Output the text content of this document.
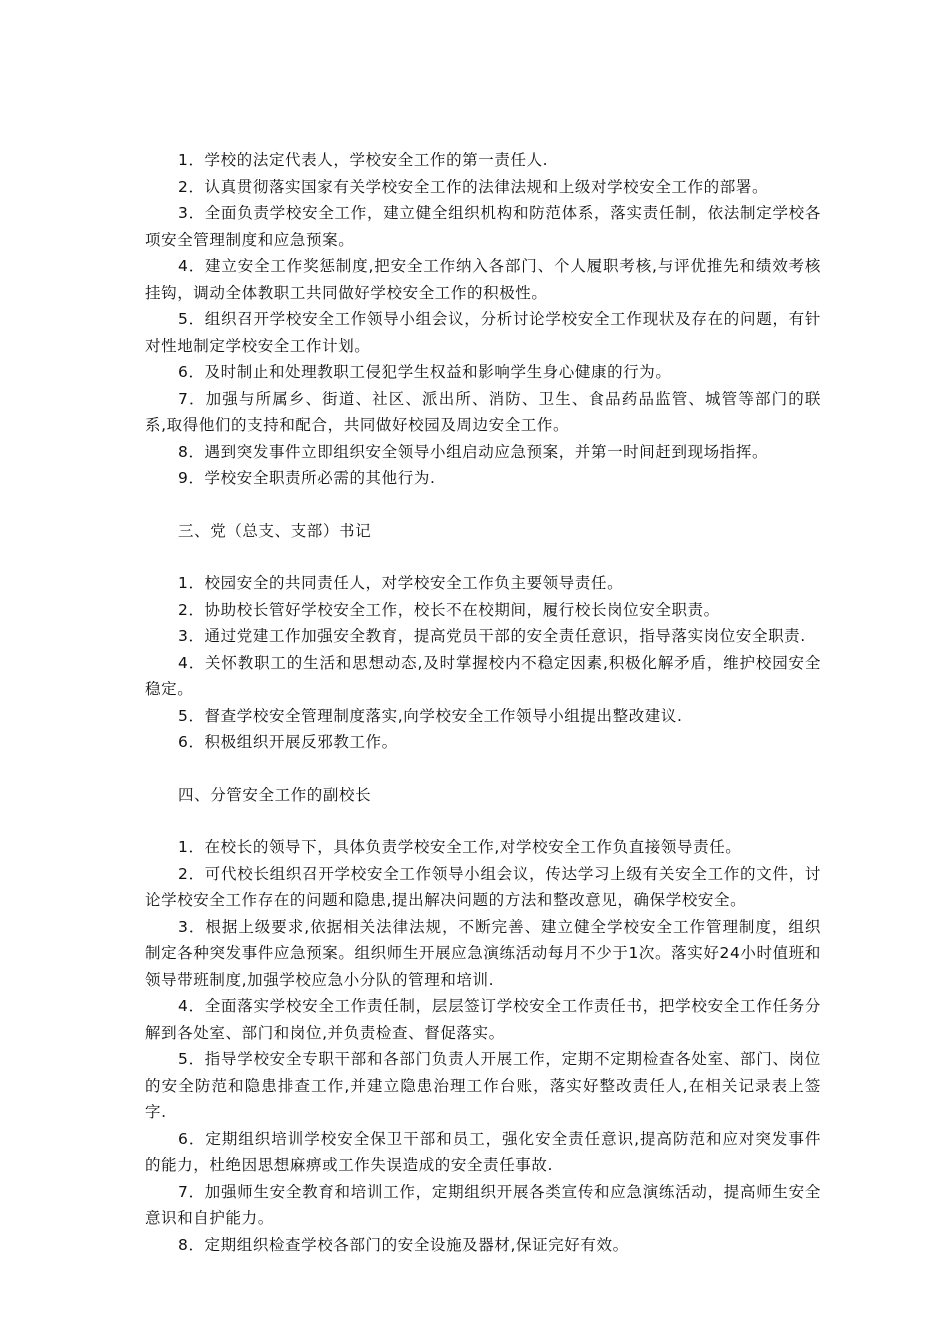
1．学校的法定代表人，学校安全工作的第一责任人.

2．认真贯彻落实国家有关学校安全工作的法律法规和上级对学校安全工作的部署。

3．全面负责学校安全工作，建立健全组织机构和防范体系，落实责任制，依法制定学校各项安全管理制度和应急预案。

4．建立安全工作奖惩制度,把安全工作纳入各部门、个人履职考核,与评优推先和绩效考核挂钩，调动全体教职工共同做好学校安全工作的积极性。

5．组织召开学校安全工作领导小组会议，分析讨论学校安全工作现状及存在的问题，有针对性地制定学校安全工作计划。

6．及时制止和处理教职工侵犯学生权益和影响学生身心健康的行为。

7．加强与所属乡、街道、社区、派出所、消防、卫生、食品药品监管、城管等部门的联系,取得他们的支持和配合，共同做好校园及周边安全工作。

8．遇到突发事件立即组织安全领导小组启动应急预案，并第一时间赶到现场指挥。

9．学校安全职责所必需的其他行为.

三、党（总支、支部）书记

1．校园安全的共同责任人，对学校安全工作负主要领导责任。

2．协助校长管好学校安全工作，校长不在校期间，履行校长岗位安全职责。

3．通过党建工作加强安全教育，提高党员干部的安全责任意识，指导落实岗位安全职责.

4．关怀教职工的生活和思想动态,及时掌握校内不稳定因素,积极化解矛盾，维护校园安全稳定。

5．督查学校安全管理制度落实,向学校安全工作领导小组提出整改建议.

6．积极组织开展反邪教工作。

四、分管安全工作的副校长

1．在校长的领导下，具体负责学校安全工作,对学校安全工作负直接领导责任。

2．可代校长组织召开学校安全工作领导小组会议，传达学习上级有关安全工作的文件，讨论学校安全工作存在的问题和隐患,提出解决问题的方法和整改意见，确保学校安全。

3．根据上级要求,依据相关法律法规，不断完善、建立健全学校安全工作管理制度，组织制定各种突发事件应急预案。组织师生开展应急演练活动每月不少于1次。落实好24小时值班和领导带班制度,加强学校应急小分队的管理和培训.

4．全面落实学校安全工作责任制，层层签订学校安全工作责任书，把学校安全工作任务分解到各处室、部门和岗位,并负责检查、督促落实。

5．指导学校安全专职干部和各部门负责人开展工作，定期不定期检查各处室、部门、岗位的安全防范和隐患排查工作,并建立隐患治理工作台账，落实好整改责任人,在相关记录表上签字.

6．定期组织培训学校安全保卫干部和员工，强化安全责任意识,提高防范和应对突发事件的能力，杜绝因思想麻痹或工作失误造成的安全责任事故.

7．加强师生安全教育和培训工作，定期组织开展各类宣传和应急演练活动，提高师生安全意识和自护能力。

8．定期组织检查学校各部门的安全设施及器材,保证完好有效。
